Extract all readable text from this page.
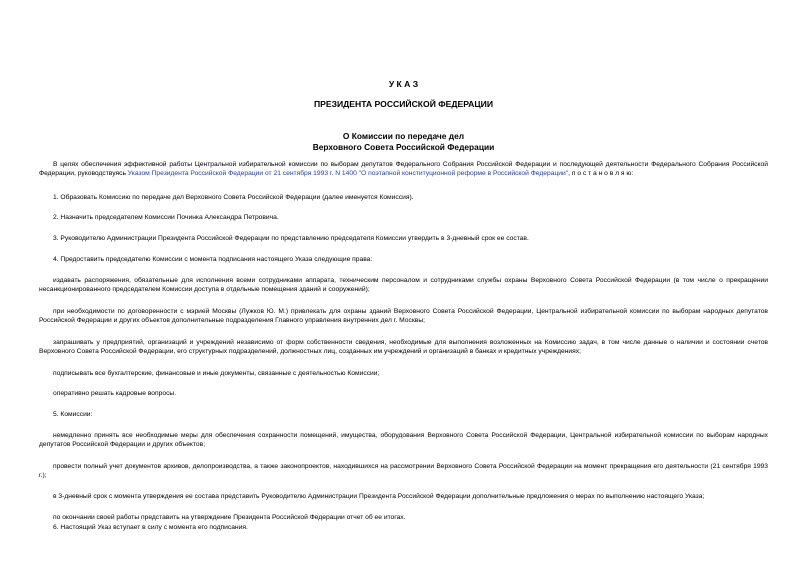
У К А З
ПРЕЗИДЕНТА РОССИЙСКОЙ ФЕДЕРАЦИИ
О Комиссии по передаче дел
Верховного Совета Российской Федерации

В целях обеспечения эффективной работы Центральной избирательной комиссии по выборам депутатов Федерального Собрания Российской Федерации и последующей деятельности Федерального Собрания Российской Федерации, руководствуясь Указом Президента Российской Федерации от 21 сентября 1993 г. N 1400 "О поэтапной конституционной реформе в Российской Федерации", п о с т а н о в л я ю:

1. Образовать Комиссию по передаче дел Верховного Совета Российской Федерации (далее именуется Комиссия).

2. Назначить председателем Комиссии Починка Александра Петровича.

3. Руководителю Администрации Президента Российской Федерации по представлению председателя Комиссии утвердить в 3-дневный срок ее состав.

4. Предоставить председателю Комиссии с момента подписания настоящего Указа следующие права:

издавать распоряжения, обязательные для исполнения всеми сотрудниками аппарата, техническим персоналом и сотрудниками службы охраны Верховного Совета Российской Федерации (в том числе о прекращении несанкционированного председателем Комиссии доступа в отдельные помещения зданий и сооружений);

при необходимости по договоренности с мэрией Москвы (Лужков Ю. М.) привлекать для охраны зданий Верховного Совета Российской Федерации, Центральной избирательной комиссии по выборам народных депутатов Российской Федерации и других объектов дополнительные подразделения Главного управления внутренних дел г. Москвы;

запрашивать у предприятий, организаций и учреждений независимо от форм собственности сведения, необходимые для выполнения возложенных на Комиссию задач, в том числе данные о наличии и состоянии счетов Верховного Совета Российской Федерации, его структурных подразделений, должностных лиц, созданных им учреждений и организаций в банках и кредитных учреждениях;

подписывать все бухгалтерские, финансовые и иные документы, связанные с деятельностью Комиссии;

оперативно решать кадровые вопросы.

5. Комиссии:

немедленно принять все необходимые меры для обеспечения сохранности помещений, имущества, оборудования Верховного Совета Российской Федерации, Центральной избирательной комиссии по выборам народных депутатов Российской Федерации и других объектов;

провести полный учет документов архивов, делопроизводства, а также законопроектов, находившихся на рассмотрении Верховного Совета Российской Федерации на момент прекращения его деятельности (21 сентября 1993 г.);

в 3-дневный срок с момента утверждения ее состава представить Руководителю Администрации Президента Российской Федерации дополнительные предложения о мерах по выполнению настоящего Указа;

по окончании своей работы представить на утверждение Президента Российской Федерации отчет об ее итогах.

6. Настоящий Указ вступает в силу с момента его подписания.
